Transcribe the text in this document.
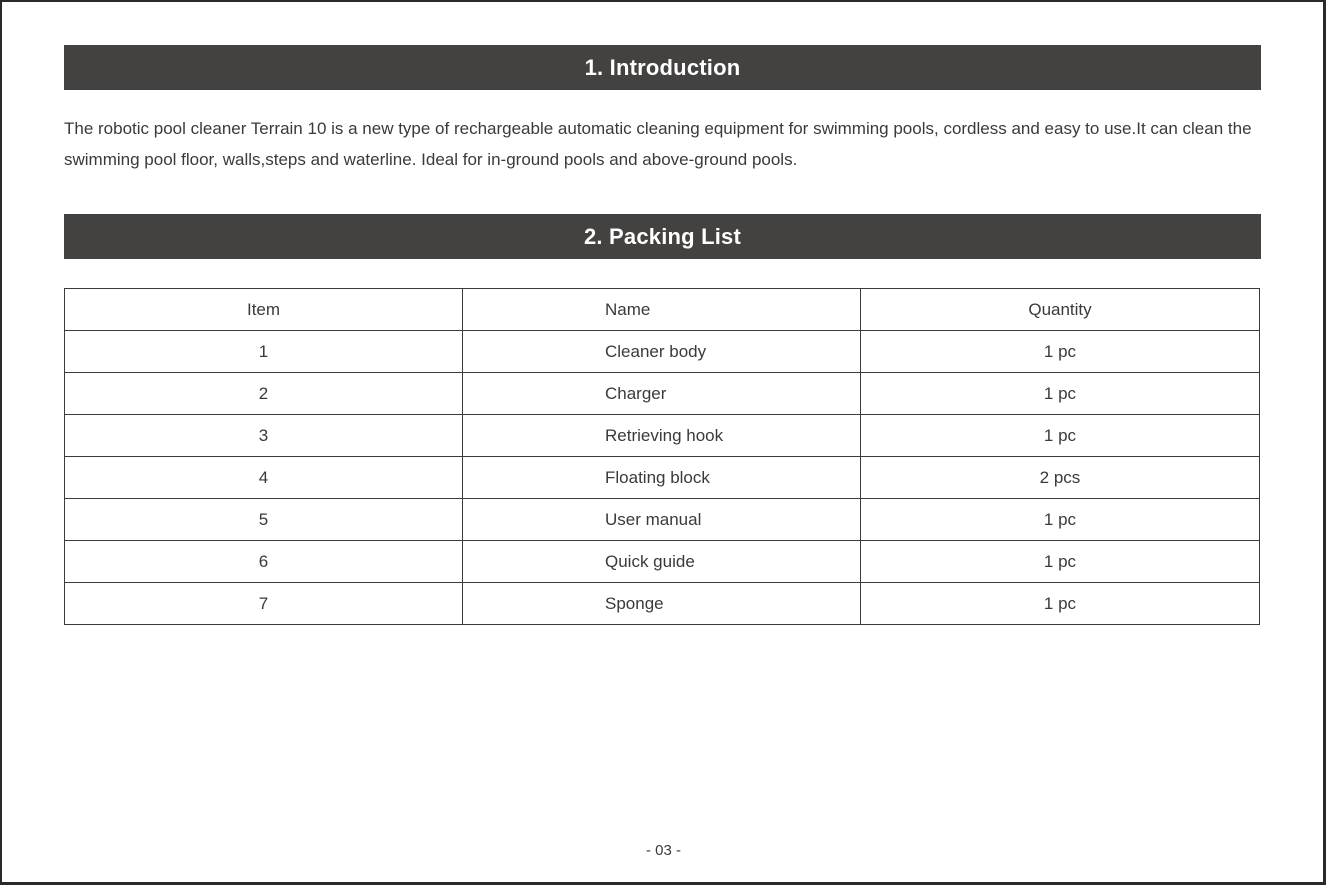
1. Introduction

The robotic pool cleaner Terrain 10 is a new type of rechargeable automatic cleaning equipment for swimming pools, cordless and easy to use.It can clean the swimming pool floor, walls,steps and waterline. Ideal for in-ground pools and above-ground pools.

2. Packing List
Item	Name	Quantity
1	Cleaner body	1 pc
2	Charger	1 pc
3	Retrieving hook	1 pc
4	Floating block	2 pcs
5	User manual	1 pc
6	Quick guide	1 pc
7	Sponge	1 pc
- 03 -
